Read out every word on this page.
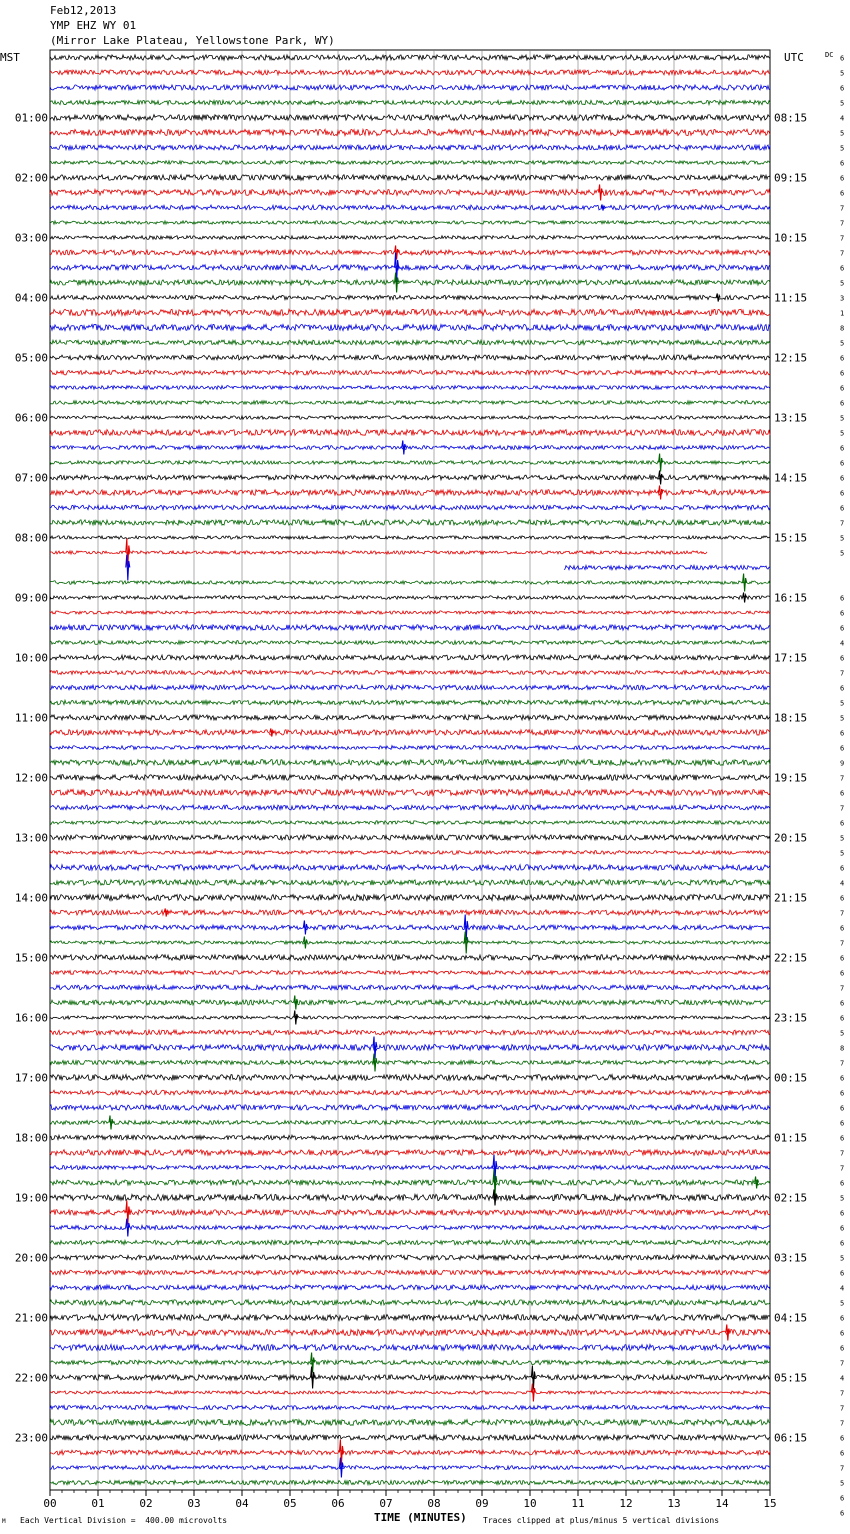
Feb12,2013
YMP EHZ WY 01
(Mirror Lake Plateau, Yellowstone Park, WY)
00	01	02	03	04	05	06	07	08	09	10	11	12	13	14	15
MST	UTC	DC
01:00
02:00
03:00
04:00
05:00
06:00
07:00
08:00
09:00
10:00
11:00
12:00
13:00
14:00
15:00
16:00
17:00
18:00
19:00
20:00
21:00
22:00
23:00
08:15
09:15
10:15
11:15
12:15
13:15
14:15
15:15
16:15
17:15
18:15
19:15
20:15
21:15
22:15
23:15
00:15
01:15
02:15
03:15
04:15
05:15
06:15
6
5
6
5
4
5
5
6
6
6
7
7
7
7
6
5
3
1
8
5
6
6
6
6
5
5
6
6
6
6
6
7
5
5
6
6
6
4
6
7
6
5
5
6
6
9
7
6
7
6
5
5
6
4
6
7
6
7
6
6
7
6
6
5
8
7
6
6
6
6
6
7
7
6
5
6
6
6
5
6
4
5
6
6
6
7
4
7
7
7
6
6
7
5
6
6
TIME (MINUTES)
Each Vertical Division =  400.00 microvolts	Traces clipped at plus/minus 5 vertical divisions
M
